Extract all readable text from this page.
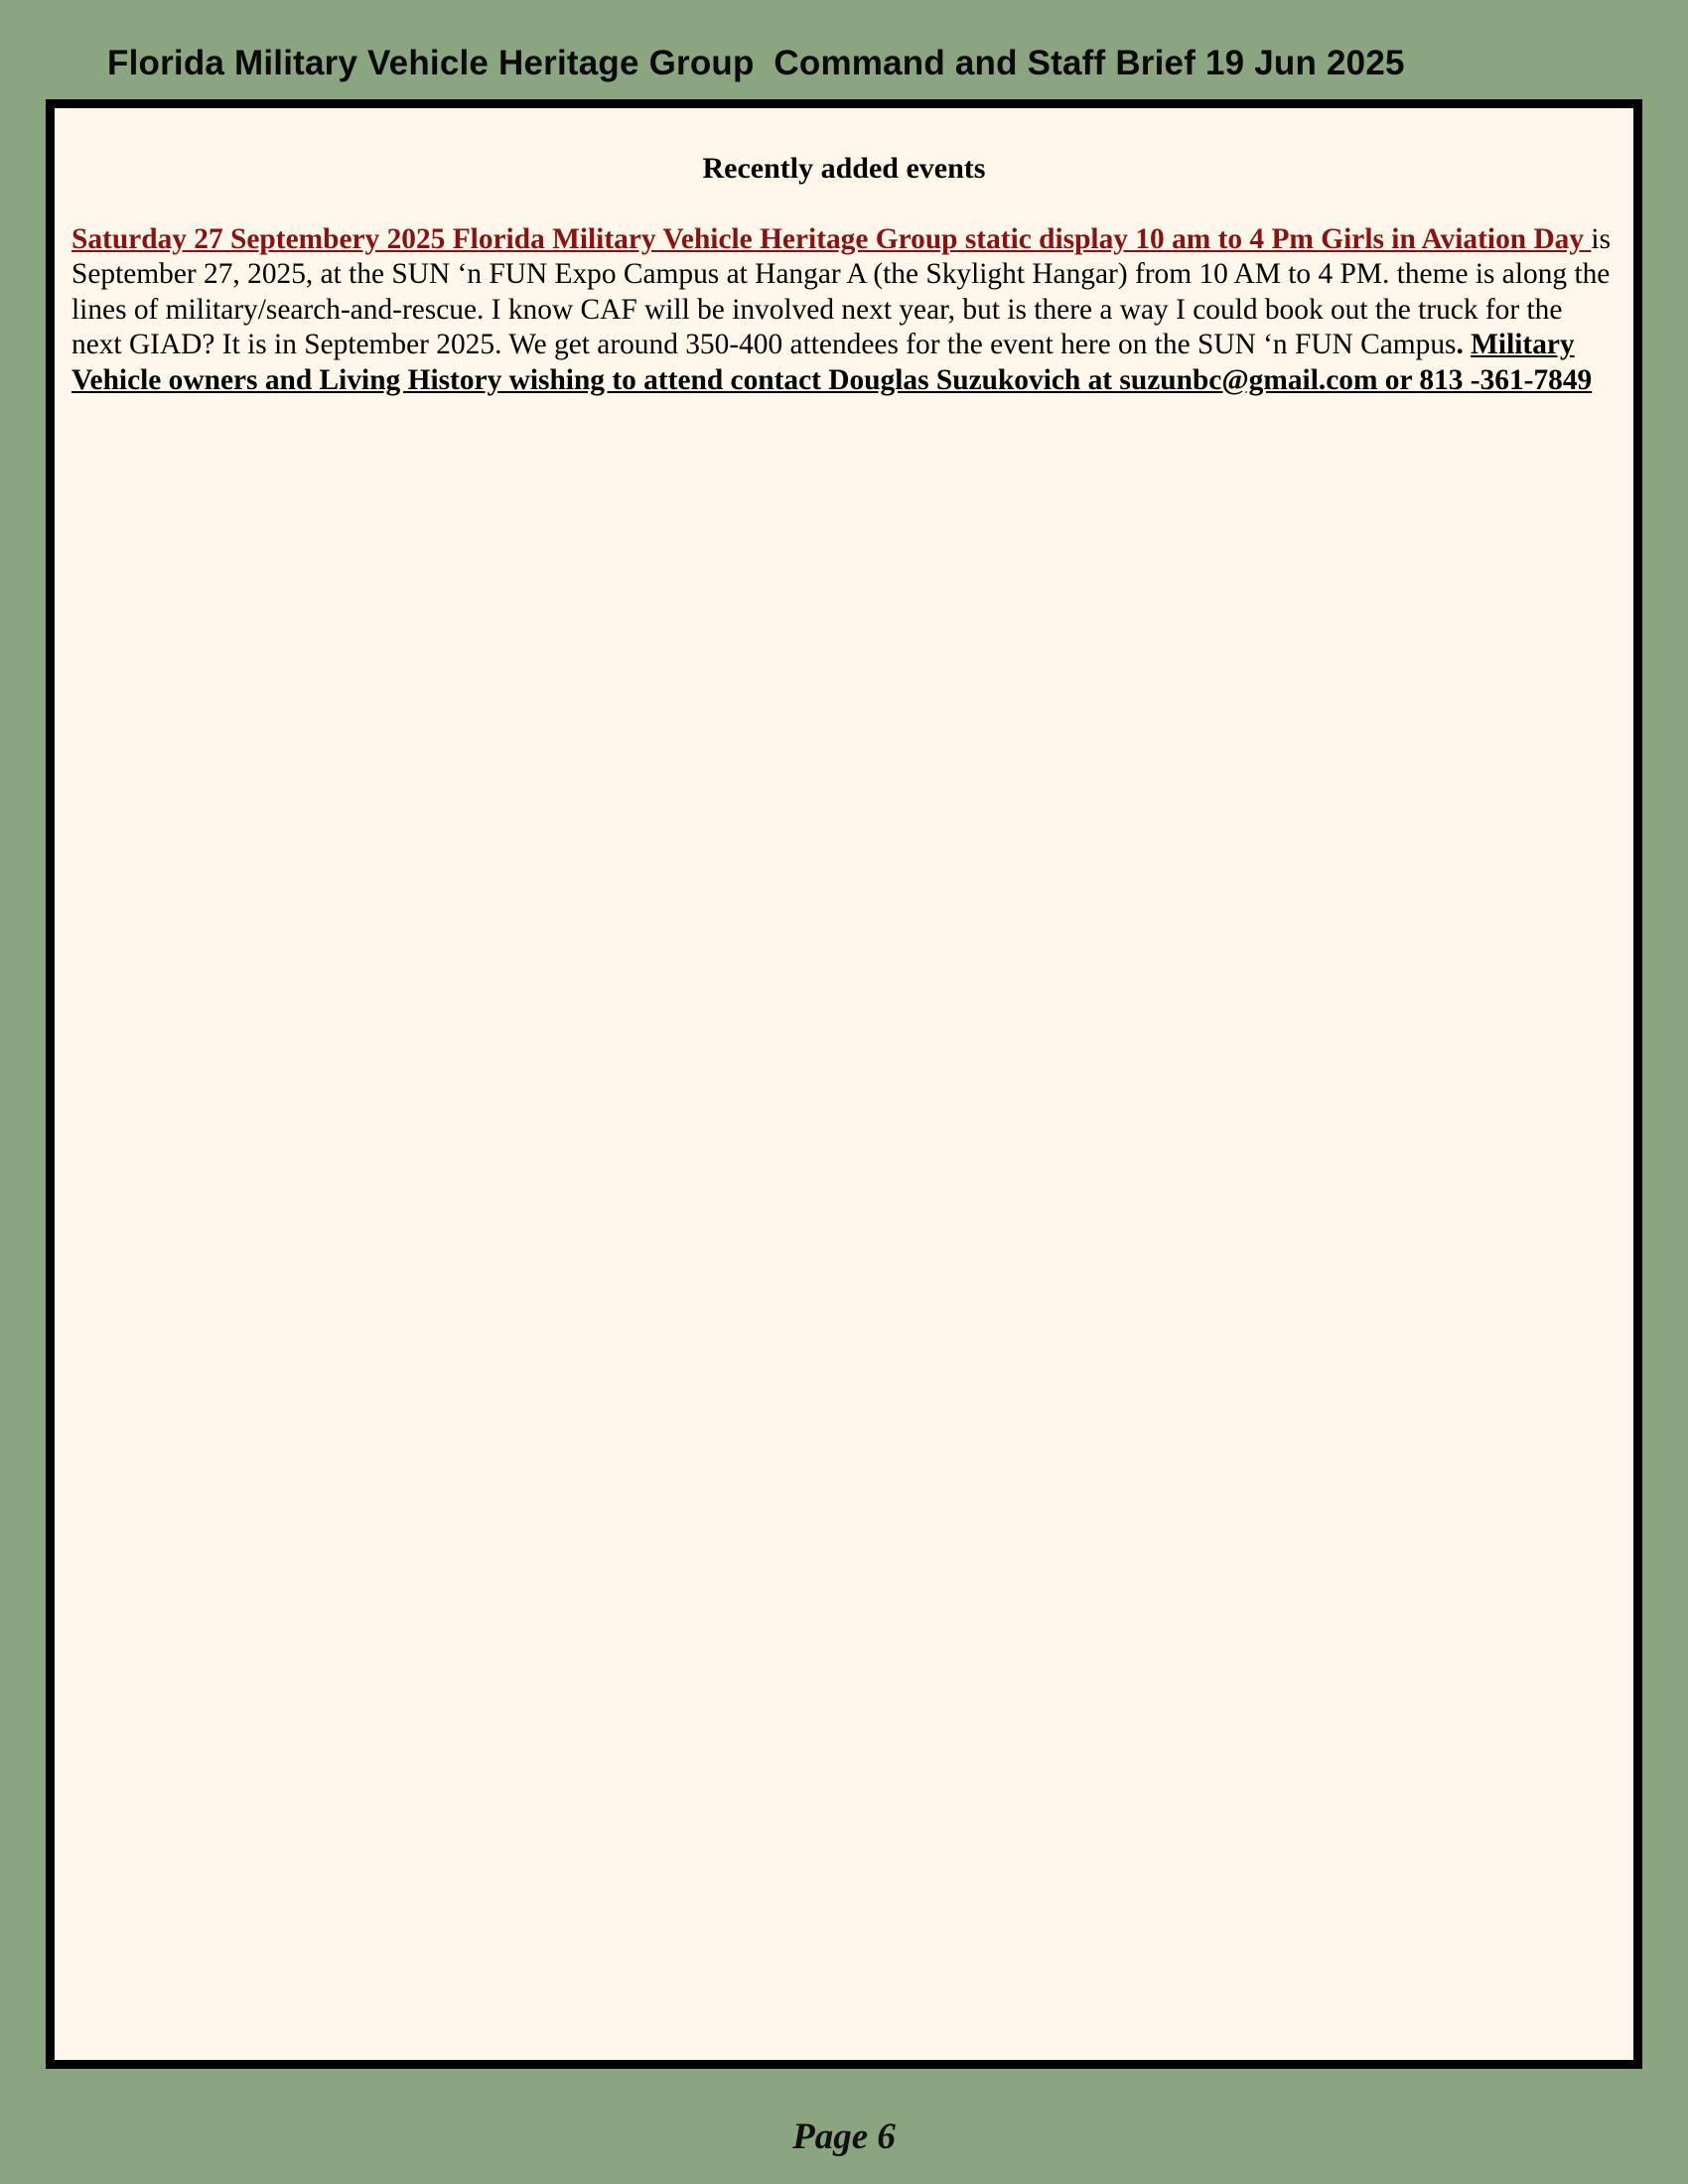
Florida Military Vehicle Heritage Group  Command and Staff Brief 19 Jun 2025
Recently added events

Saturday 27 Septembery 2025 Florida Military Vehicle Heritage Group static display 10 am to 4 Pm Girls in Aviation Day is September 27, 2025, at the SUN ‘n FUN Expo Campus at Hangar A (the Skylight Hangar) from 10 AM to 4 PM. theme is along the lines of military/search-and-rescue. I know CAF will be involved next year, but is there a way I could book out the truck for the next GIAD? It is in September 2025. We get around 350-400 attendees for the event here on the SUN ‘n FUN Campus. Military Vehicle owners and Living History wishing to attend contact Douglas Suzukovich at suzunbc@gmail.com or 813 -361-7849

Page 6
